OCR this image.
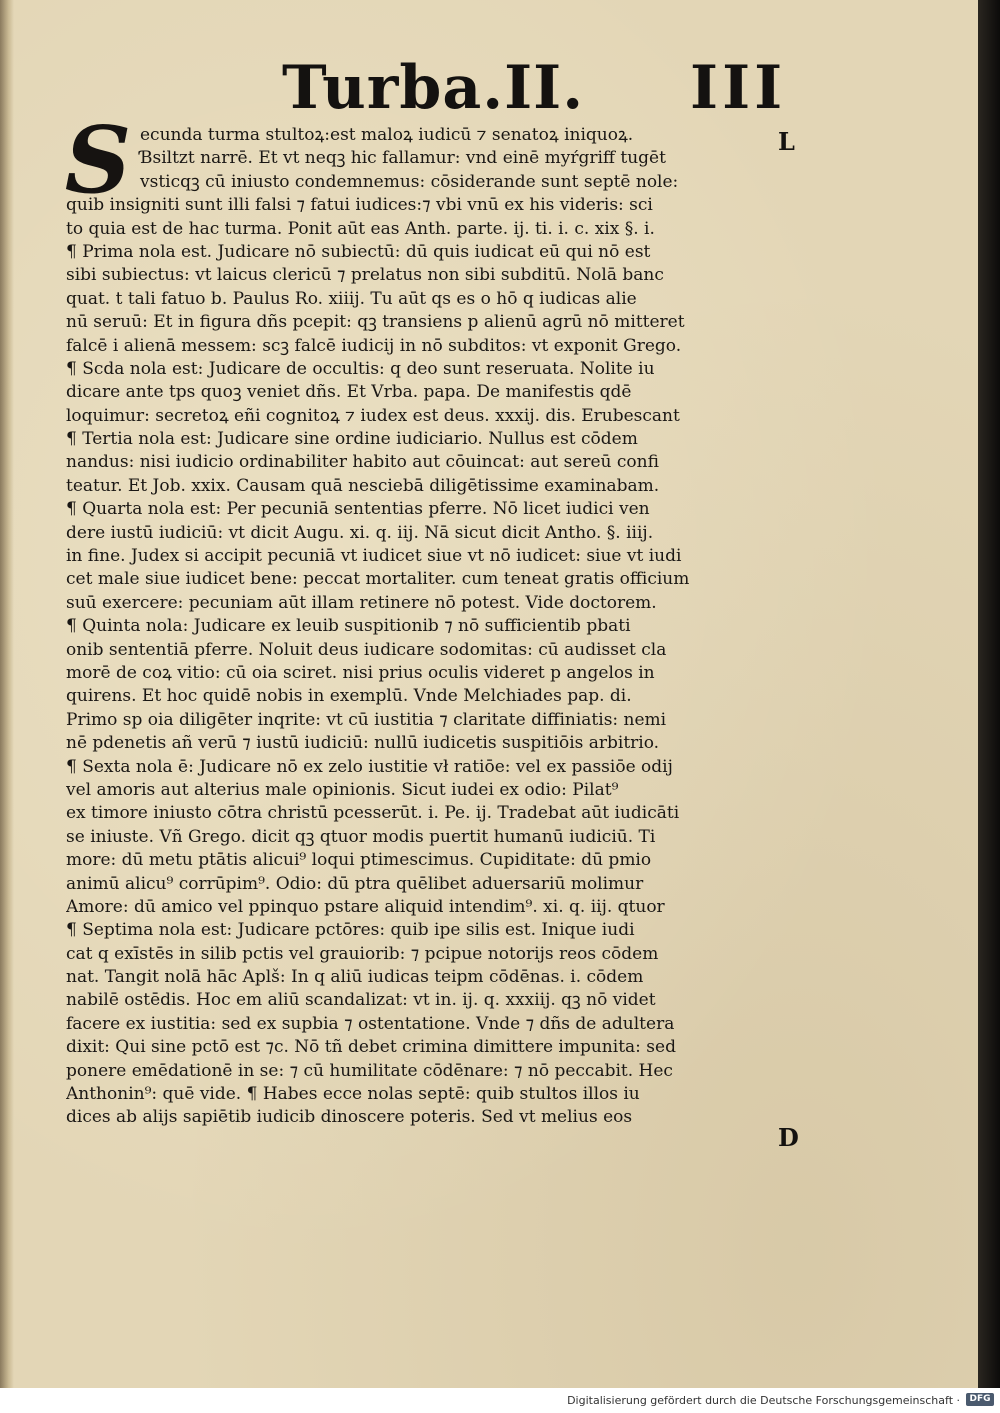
Turba.II. III
S ecunda turma stultoꝝ:est maloꝝ iudicū ⁊ senatoꝝ iniquoꝝ.
Ɓsiltzt narrē. Et vt neqꝫ hic fallamur: vnd einē myŕgriff tugēt
vsticqꝫ cū iniusto condemnemus: cōsiderande sunt septē nole:
quib insigniti sunt illi falsi ⁊ fatui iudices:⁊ vbi vnū ex his videris: sci
to quia est de hac turma. Ponit aūt eas Anth. parte. ij. ti. i. c. xix §. i.
¶ Prima nola est. Judicare nō subiectū: dū quis iudicat eū qui nō est
sibi subiectus: vt laicus clericū ⁊ prelatus non sibi subditū. Nolā banc
quat. t tali fatuo b. Paulus Ro. xiiij. Tu aūt qs es o hō q iudicas alie
nū seruū: Et in figura dñs pcepit: qꝫ transiens p alienū agrū nō mitteret
falcē i alienā messem: scꝫ falcē iudicij in nō subditos: vt exponit Grego.
¶ Scda nola est: Judicare de occultis: q deo sunt reseruata. Nolite iu
dicare ante tps quoꝫ veniet dñs. Et Vrba. papa. De manifestis qdē
loquimur: secretoꝝ eñi cognitoꝝ ⁊ iudex est deus. xxxij. dis. Erubescant
¶ Tertia nola est: Judicare sine ordine iudiciario. Nullus est cōdem
nandus: nisi iudicio ordinabiliter habito aut cōuincat: aut sereū confi
teatur. Et Job. xxix. Causam quā nesciebā diligētissime examinabam.
¶ Quarta nola est: Per pecuniā sententias pferre. Nō licet iudici ven
dere iustū iudiciū: vt dicit Augu. xi. q. iij. Nā sicut dicit Antho. §. iiij.
in fine. Judex si accipit pecuniā vt iudicet siue vt nō iudicet: siue vt iudi
cet male siue iudicet bene: peccat mortaliter. cum teneat gratis officium
suū exercere: pecuniam aūt illam retinere nō potest. Vide doctorem.
¶ Quinta nola: Judicare ex leuib suspitionib ⁊ nō sufficientib pbati
onib sententiā pferre. Noluit deus iudicare sodomitas: cū audisset cla
morē de coꝝ vitio: cū oia sciret. nisi prius oculis videret p angelos in
quirens. Et hoc quidē nobis in exemplū. Vnde Melchiades pap. di.
Primo sp oia diligēter inqrite: vt cū iustitia ⁊ claritate diffiniatis: nemi
nē pdenetis añ verū ⁊ iustū iudiciū: nullū iudicetis suspitiōis arbitrio.
¶ Sexta nola ē: Judicare nō ex zelo iustitie vł ratiōe: vel ex passiōe odij
vel amoris aut alterius male opinionis. Sicut iudei ex odio: Pilat⁹
ex timore iniusto cōtra christū pcesserūt. i. Pe. ij. Tradebat aūt iudicāti
se iniuste. Vñ Grego. dicit qꝫ qtuor modis puertit humanū iudiciū. Ti
more: dū metu ptātis alicui⁹ loqui ptimescimus. Cupiditate: dū pmio
animū alicu⁹ corrūpim⁹. Odio: dū ptra quēlibet aduersariū molimur
Amore: dū amico vel ppinquo pstare aliquid intendim⁹. xi. q. iij. qtuor
¶ Septima nola est: Judicare pctōres: quib ipe silis est. Inique iudi
cat q exīstēs in silib pctis vel grauiorib: ⁊ pcipue notorijs reos cōdem
nat. Tangit nolā hāc Aplš: In q aliū iudicas teipm cōdēnas. i. cōdem
nabilē ostēdis. Hoc em aliū scandalizat: vt in. ij. q. xxxiij. qꝫ nō videt
facere ex iustitia: sed ex supbia ⁊ ostentatione. Vnde ⁊ dñs de adultera
dixit: Qui sine pctō est ⁊c. Nō tñ debet crimina dimittere impunita: sed
ponere emēdationē in se: ⁊ cū humilitate cōdēnare: ⁊ nō peccabit. Hec
Anthonin⁹: quē vide. ¶ Habes ecce nolas septē: quib stultos illos iu
dices ab alijs sapiētib iudicib dinoscere poteris. Sed vt melius eos
L
D
Digitalisierung gefördert durch die Deutsche Forschungsgemeinschaft ·	DFG
